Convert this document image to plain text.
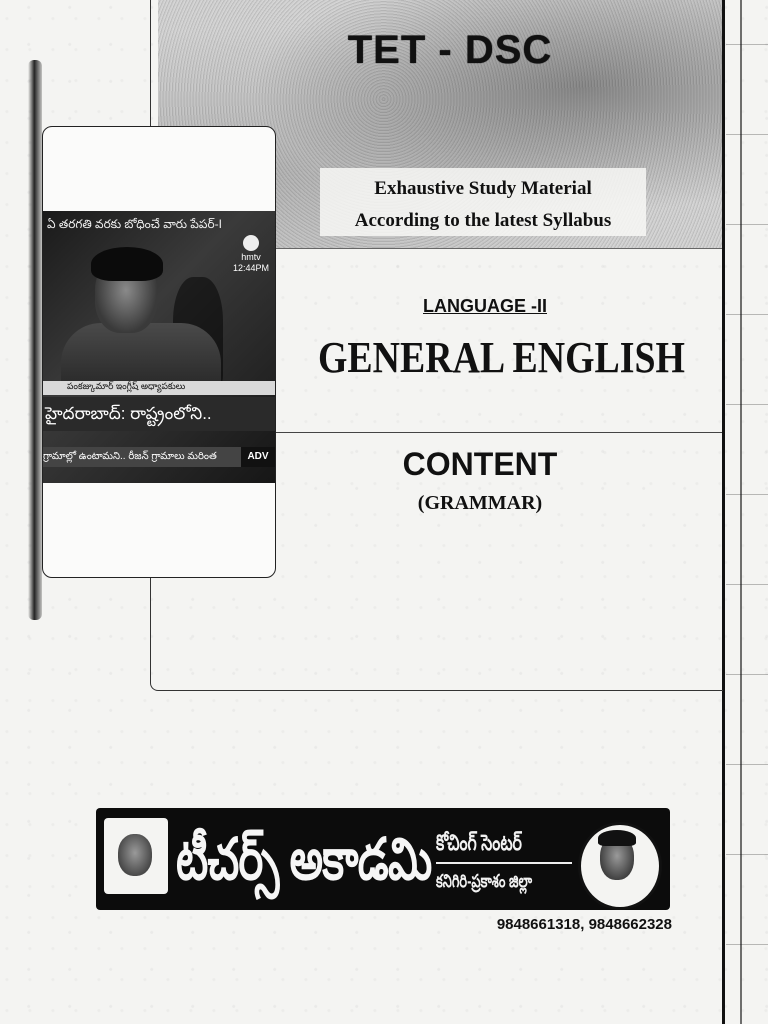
TET - DSC
Exhaustive Study Material
According to the latest Syllabus
LANGUAGE -II
GENERAL ENGLISH
CONTENT
(GRAMMAR)
ఏ తరగతి వరకు బోధించే వారు పేపర్-I
hmtv
12:44PM
పంకజ్కుమార్ ఇంగ్లీష్ అధ్యాపకులు
హైదరాబాద్: రాష్ట్రంలోని..
గ్రామాల్లో ఉంటామని.. రీజన్ గ్రామాలు మరింత	ADV
టీచర్స్ అకాడమి కోచింగ్ సెంటర్
కనిగిరి-ప్రకాశం జిల్లా
9848661318, 9848662328
